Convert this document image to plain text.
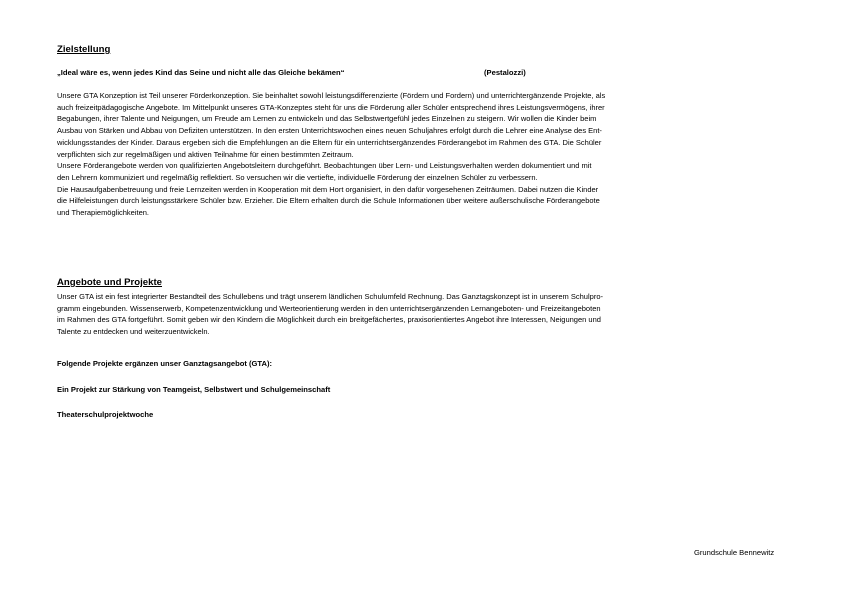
Zielstellung
„Ideal wäre es, wenn jedes Kind das Seine und nicht alle das Gleiche bekämen“	(Pestalozzi)
Unsere GTA Konzeption ist Teil unserer Förderkonzeption. Sie beinhaltet sowohl leistungsdifferenzierte (Fördern und Fordern) und unterrichtergänzende Projekte, als
auch freizeitpädagogische Angebote. Im Mittelpunkt unseres GTA-Konzeptes steht für uns die Förderung aller Schüler entsprechend ihres Leistungsvermögens, ihrer
Begabungen, ihrer Talente und Neigungen, um Freude am Lernen zu entwickeln und das Selbstwertgefühl jedes Einzelnen zu steigern. Wir wollen die Kinder beim
Ausbau von Stärken und Abbau von Defiziten unterstützen. In den ersten Unterrichtswochen eines neuen Schuljahres erfolgt durch die Lehrer eine Analyse des Ent-
wicklungsstandes der Kinder. Daraus ergeben sich die Empfehlungen an die Eltern für ein unterrichtsergänzendes Förderangebot im Rahmen des GTA. Die Schüler
verpflichten sich zur regelmäßigen und aktiven Teilnahme für einen bestimmten Zeitraum.
Unsere Förderangebote werden von qualifizierten Angebotsleitern durchgeführt. Beobachtungen über Lern- und Leistungsverhalten werden dokumentiert und mit
den Lehrern kommuniziert und regelmäßig reflektiert. So versuchen wir die vertiefte, individuelle Förderung der einzelnen Schüler zu verbessern.
Die Hausaufgabenbetreuung und freie Lernzeiten werden in Kooperation mit dem Hort organisiert, in den dafür vorgesehenen Zeiträumen. Dabei nutzen die Kinder
die Hilfeleistungen durch leistungsstärkere Schüler bzw. Erzieher. Die Eltern erhalten durch die Schule Informationen über weitere außerschulische Förderangebote
und Therapiemöglichkeiten.
Angebote und Projekte
Unser GTA ist ein fest integrierter Bestandteil des Schullebens und trägt unserem ländlichen Schulumfeld Rechnung. Das Ganztagskonzept ist in unserem Schulpro-
gramm eingebunden. Wissenserwerb, Kompetenzentwicklung und Werteorientierung werden in den unterrichtsergänzenden Lernangeboten- und Freizeitangeboten
im Rahmen des GTA fortgeführt. Somit geben wir den Kindern die Möglichkeit durch ein breitgefächertes, praxisorientiertes Angebot ihre Interessen, Neigungen und
Talente zu entdecken und weiterzuentwickeln.
Folgende Projekte ergänzen unser Ganztagsangebot (GTA):
Ein Projekt zur Stärkung von Teamgeist, Selbstwert und Schulgemeinschaft
Theaterschulprojektwoche
Grundschule Bennewitz
